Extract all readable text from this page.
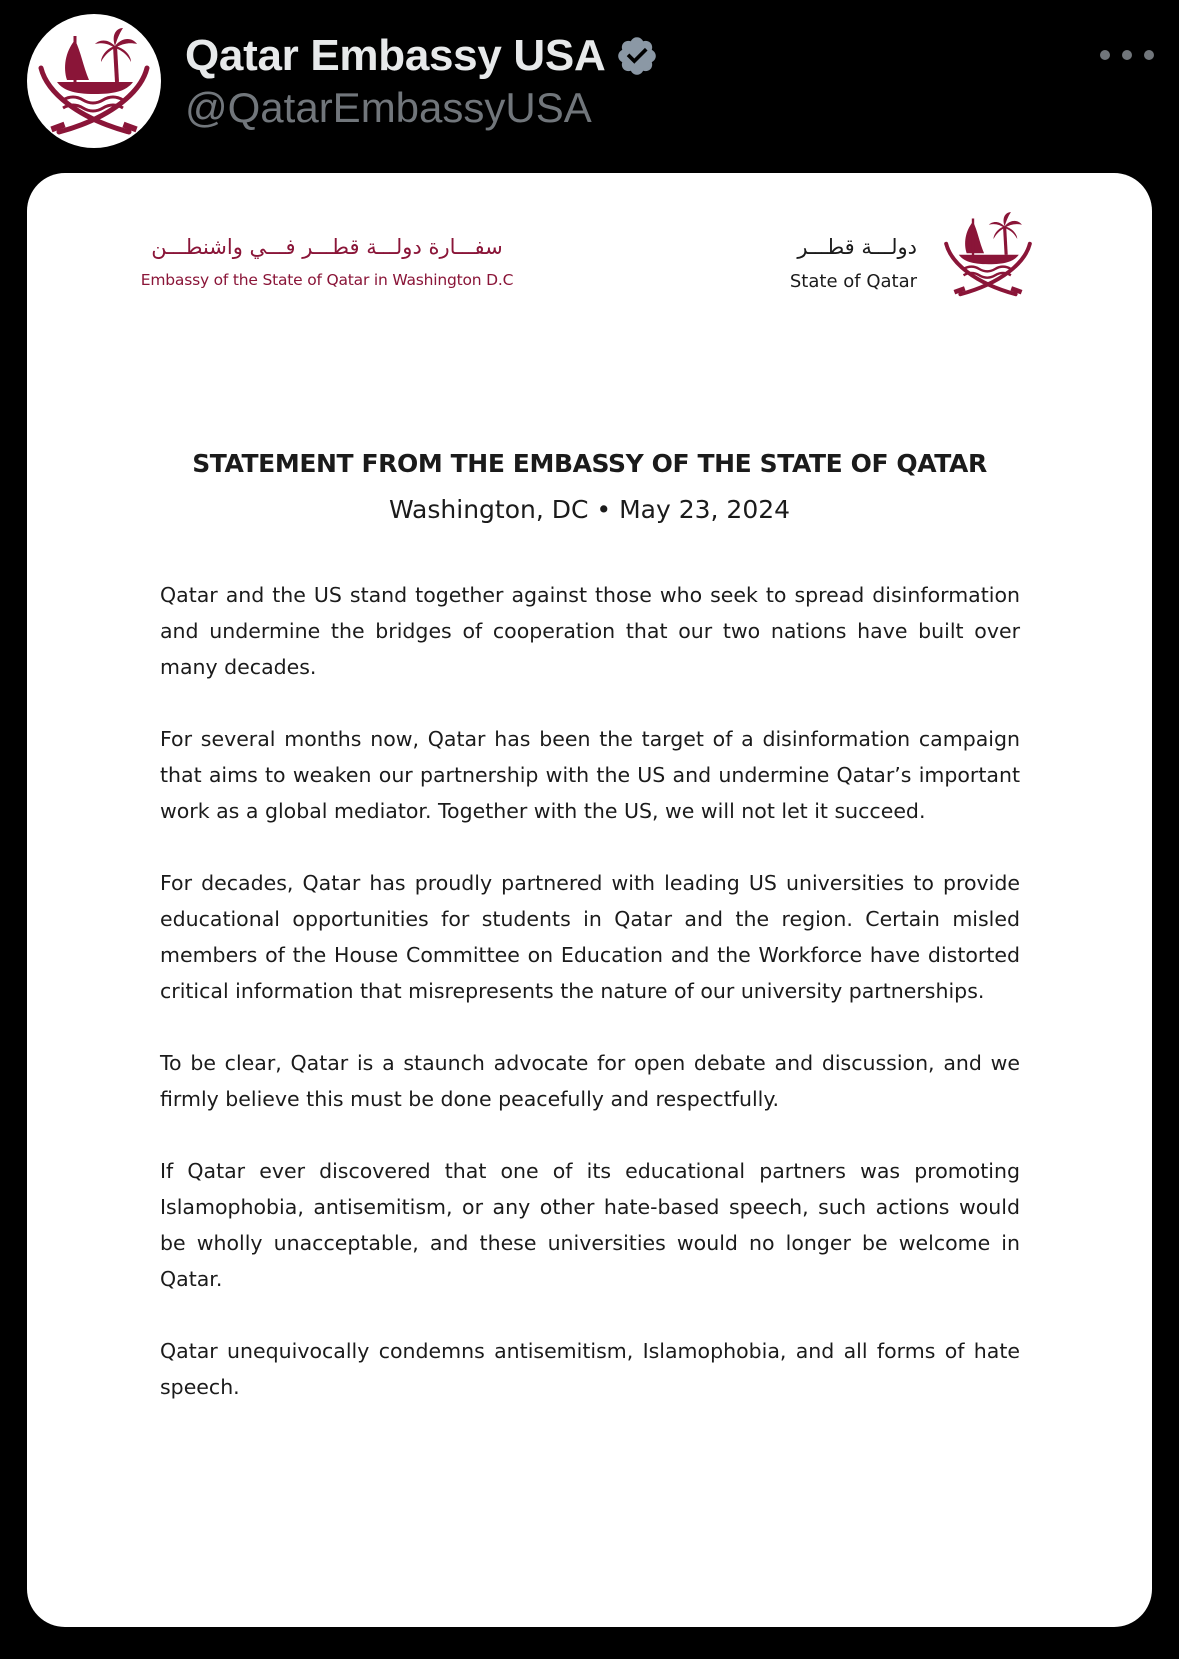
Qatar Embassy USA
@QatarEmbassyUSA
سفـــارة دولـــة قطـــر فـــي واشنطـــن
Embassy of the State of Qatar in Washington D.C
دولـــة قطـــر
State of Qatar
STATEMENT FROM THE EMBASSY OF THE STATE OF QATAR
Washington, DC • May 23, 2024

Qatar and the US stand together against those who seek to spread disinformation and undermine the bridges of cooperation that our two nations have built over many decades.

For several months now, Qatar has been the target of a disinformation campaign that aims to weaken our partnership with the US and undermine Qatar’s important work as a global mediator. Together with the US, we will not let it succeed.

For decades, Qatar has proudly partnered with leading US universities to provide educational opportunities for students in Qatar and the region. Certain misled members of the House Committee on Education and the Workforce have distorted critical information that misrepresents the nature of our university partnerships.

To be clear, Qatar is a staunch advocate for open debate and discussion, and we firmly believe this must be done peacefully and respectfully.

If Qatar ever discovered that one of its educational partners was promoting Islamophobia, antisemitism, or any other hate-based speech, such actions would be wholly unacceptable, and these universities would no longer be welcome in Qatar.

Qatar unequivocally condemns antisemitism, Islamophobia, and all forms of hate speech.
